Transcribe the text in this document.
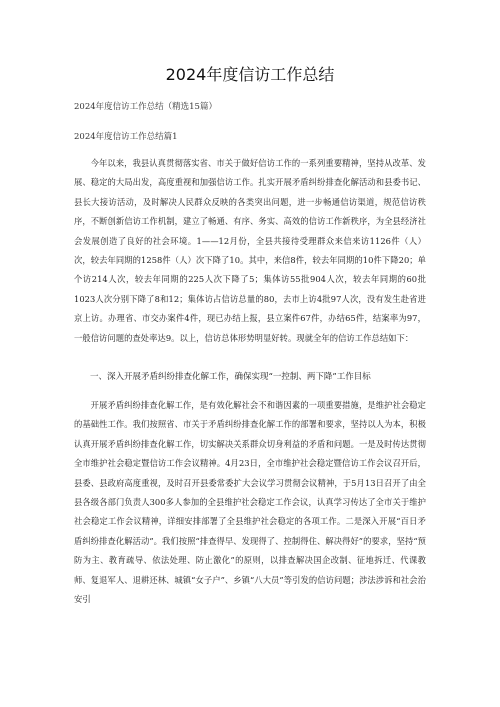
2024年度信访工作总结
2024年度信访工作总结（精选15篇）
2024年度信访工作总结篇1

今年以来，我县认真贯彻落实省、市关于做好信访工作的一系列重要精神，坚持从改革、发展、稳定的大局出发，高度重视和加强信访工作。扎实开展矛盾纠纷排查化解活动和县委书记、县长大接访活动，及时解决人民群众反映的各类突出问题，进一步畅通信访渠道，规范信访秩序，不断创新信访工作机制，建立了畅通、有序、务实、高效的信访工作新秩序，为全县经济社会发展创造了良好的社会环境。1——12月份，全县共接待受理群众来信来访1126件（人）次，较去年同期的1258件（人）次下降了10。其中，来信8件，较去年同期的10件下降20；单个访214人次，较去年同期的225人次下降了5；集体访55批904人次，较去年同期的60批1023人次分别下降了8和12；集体访占信访总量的80，去市上访4批97人次，没有发生赴省进京上访。办理省、市交办案件4件，现已办结上报，县立案件67件，办结65件，结案率为97，一般信访问题的查处率达9。以上，信访总体形势明显好转。现就全年的信访工作总结如下：

一、深入开展矛盾纠纷排查化解工作，确保实现“一控制、两下降”工作目标

开展矛盾纠纷排查化解工作，是有效化解社会不和谐因素的一项重要措施，是维护社会稳定的基础性工作。我们按照省、市关于矛盾纠纷排查化解工作的部署和要求，坚持以人为本，积极认真开展矛盾纠纷排查化解工作，切实解决关系群众切身利益的矛盾和问题。一是及时传达贯彻全市维护社会稳定暨信访工作会议精神。4月23日，全市维护社会稳定暨信访工作会议召开后，县委、县政府高度重视，及时召开县委常委扩大会议学习贯彻会议精神，于5月13日召开了由全县各级各部门负责人300多人参加的全县维护社会稳定工作会议，认真学习传达了全市关于维护社会稳定工作会议精神，详细安排部署了全县维护社会稳定的各项工作。二是深入开展“百日矛盾纠纷排查化解活动”。我们按照“排查得早、发现得了、控制得住、解决得好”的要求，坚持“预防为主、教育疏导、依法处理、防止激化”的原则，以排查解决国企改制、征地拆迁、代课教师、复退军人、退耕还林、城镇“女子户”、乡镇“八大员”等引发的信访问题；涉法涉诉和社会治安引
